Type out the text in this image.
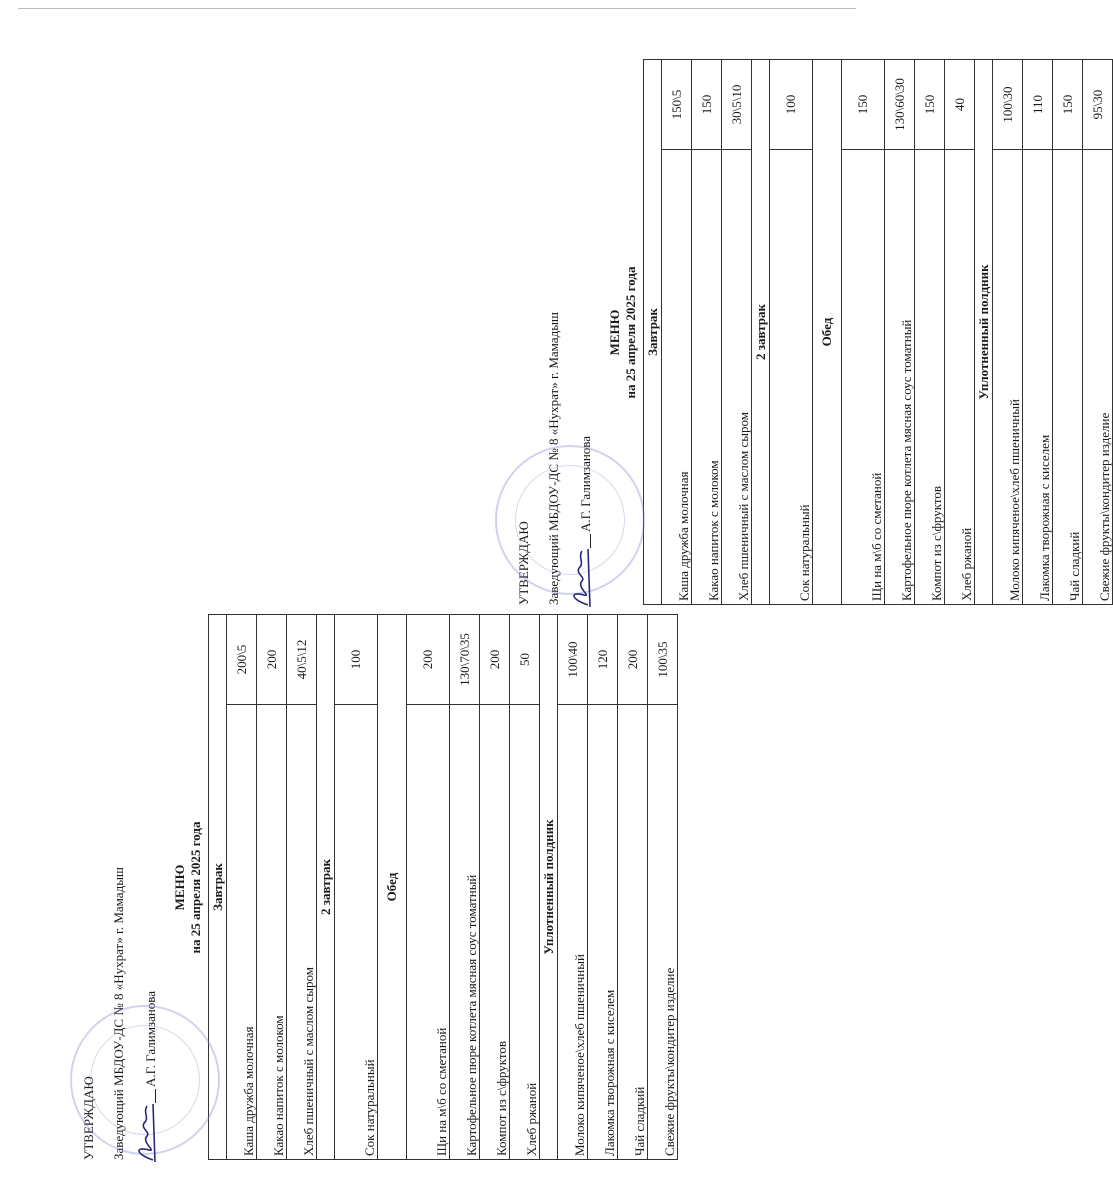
УТВЕРЖДАЮ Заведующий МБДОУ-ДС № 8 «Нухрат» г. Мамадыш А.Г. Галимзанова
МЕНЮ на 25 апреля 2025 года Завтрак	
Каша дружба молочная	200\5
Какао напиток с молоком	200
Хлеб пшеничный с маслом сыром	40\5\12
2 завтрак	
Сок натуральный	100
Обед	
Щи на м\б со сметаной	200
Картофельное пюре котлета мясная соус томатный	130\70\35
Компот из с\фруктов	200
Хлеб ржаной	50
Уплотненный полдник	
Молоко кипяченое\хлеб пшеничный	100\40
Лакомка творожная с киселем	120
Чай сладкий	200
Свежие фрукты\кондитер изделие	100\35
УТВЕРЖДАЮ Заведующий МБДОУ-ДС № 8 «Нухрат» г. Мамадыш А.Г. Галимзанова
МЕНЮ на 25 апреля 2025 года Завтрак	
Каша дружба молочная	150\5
Какао напиток с молоком	150
Хлеб пшеничный с маслом сыром	30\5\10
2 завтрак	
Сок натуральный	100
Обед	
Щи на м\б со сметаной	150
Картофельное пюре котлета мясная соус томатный	130\60\30
Компот из с\фруктов	150
Хлеб ржаной	40
Уплотненный полдник	
Молоко кипяченое\хлеб пшеничный	100\30
Лакомка творожная с киселем	110
Чай сладкий	150
Свежие фрукты\кондитер изделие	95\30
